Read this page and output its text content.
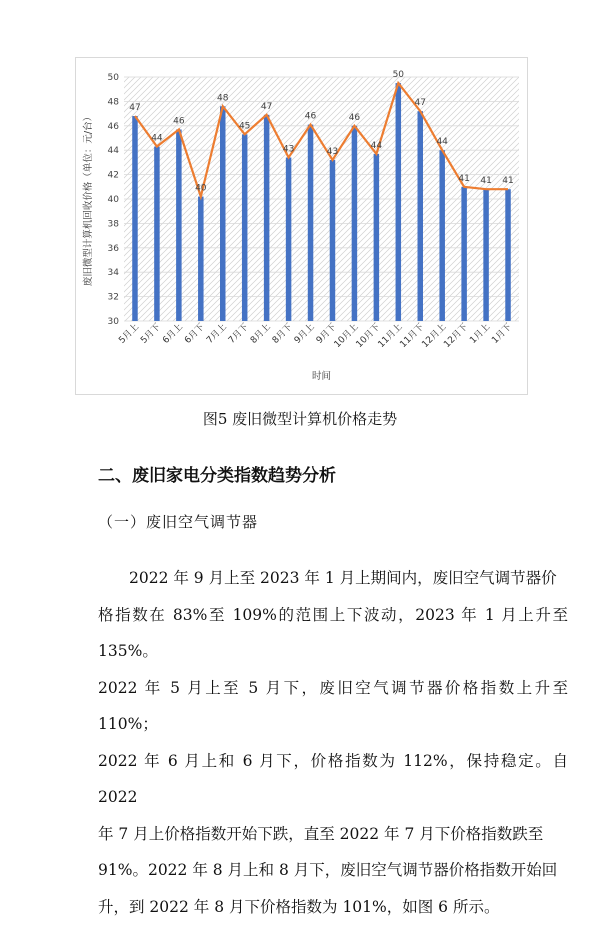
30
32
34
36
38
40
42
44
46
48
50
47
44
46
40
48
45
47
43
46
43
46
44
50
47
44
41 41 41
5月上
5月下
6月上
6月下
7月上
7月下
8月上
8月下
9月上
9月下
10月上
10月下
11月上
11月下
12月上
12月下
1月上
1月下
废旧微型计算机回收价格（单位：元/台）
时间
图5 废旧微型计算机价格走势
二、废旧家电分类指数趋势分析
（一）废旧空气调节器

2022 年 9 月上至 2023 年 1 月上期间内，废旧空气调节器价

格指数在 83%至 109%的范围上下波动，2023 年 1 月上升至 135%。

2022 年 5 月上至 5 月下，废旧空气调节器价格指数上升至 110%；

2022 年 6 月上和 6 月下，价格指数为 112%，保持稳定。自 2022

年 7 月上价格指数开始下跌，直至 2022 年 7 月下价格指数跌至

91%。2022 年 8 月上和 8 月下，废旧空气调节器价格指数开始回

升，到 2022 年 8 月下价格指数为 101%，如图 6 所示。
